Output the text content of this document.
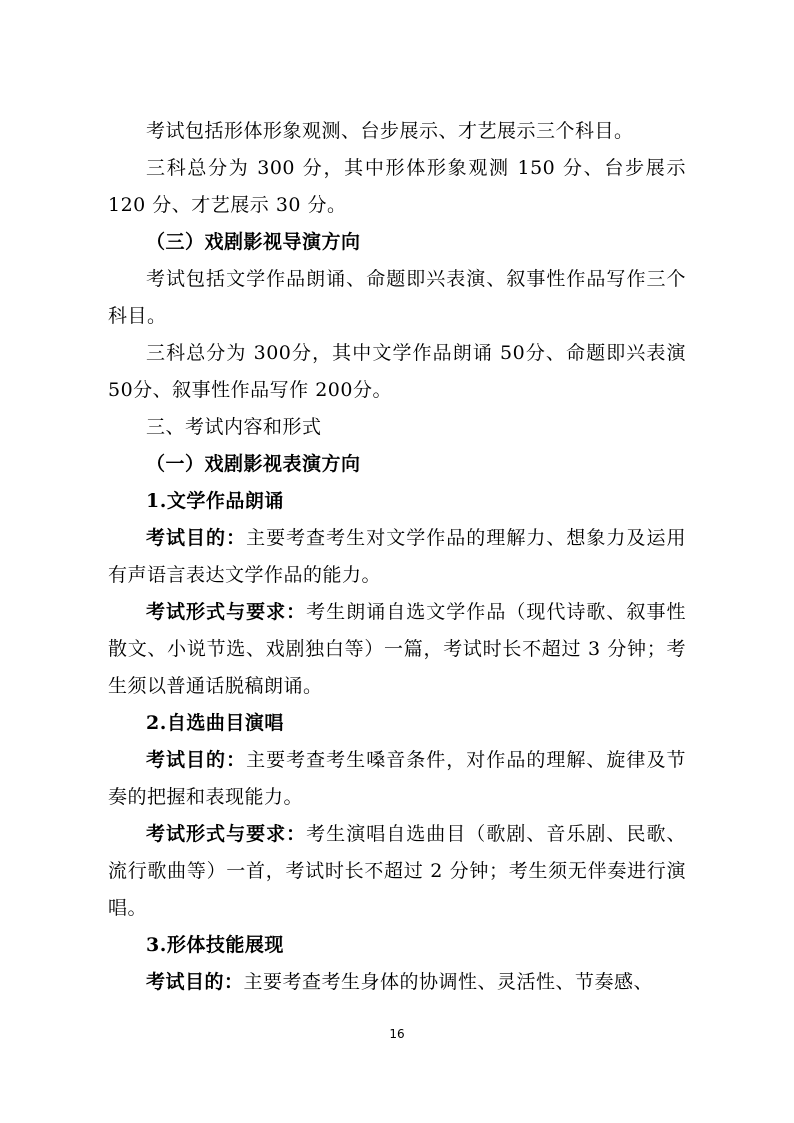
考试包括形体形象观测、台步展示、才艺展示三个科目。

三科总分为 300 分，其中形体形象观测 150 分、台步展示120 分、才艺展示 30 分。

（三）戏剧影视导演方向

考试包括文学作品朗诵、命题即兴表演、叙事性作品写作三个科目。

三科总分为 300分，其中文学作品朗诵 50分、命题即兴表演 50分、叙事性作品写作 200分。

三、考试内容和形式

（一）戏剧影视表演方向

1.文学作品朗诵

考试目的：主要考查考生对文学作品的理解力、想象力及运用有声语言表达文学作品的能力。

考试形式与要求：考生朗诵自选文学作品（现代诗歌、叙事性散文、小说节选、戏剧独白等）一篇，考试时长不超过 3 分钟；考生须以普通话脱稿朗诵。

2.自选曲目演唱

考试目的：主要考查考生嗓音条件，对作品的理解、旋律及节奏的把握和表现能力。

考试形式与要求：考生演唱自选曲目（歌剧、音乐剧、民歌、流行歌曲等）一首，考试时长不超过 2 分钟；考生须无伴奏进行演唱。

3.形体技能展现

考试目的：主要考查考生身体的协调性、灵活性、节奏感、

16
